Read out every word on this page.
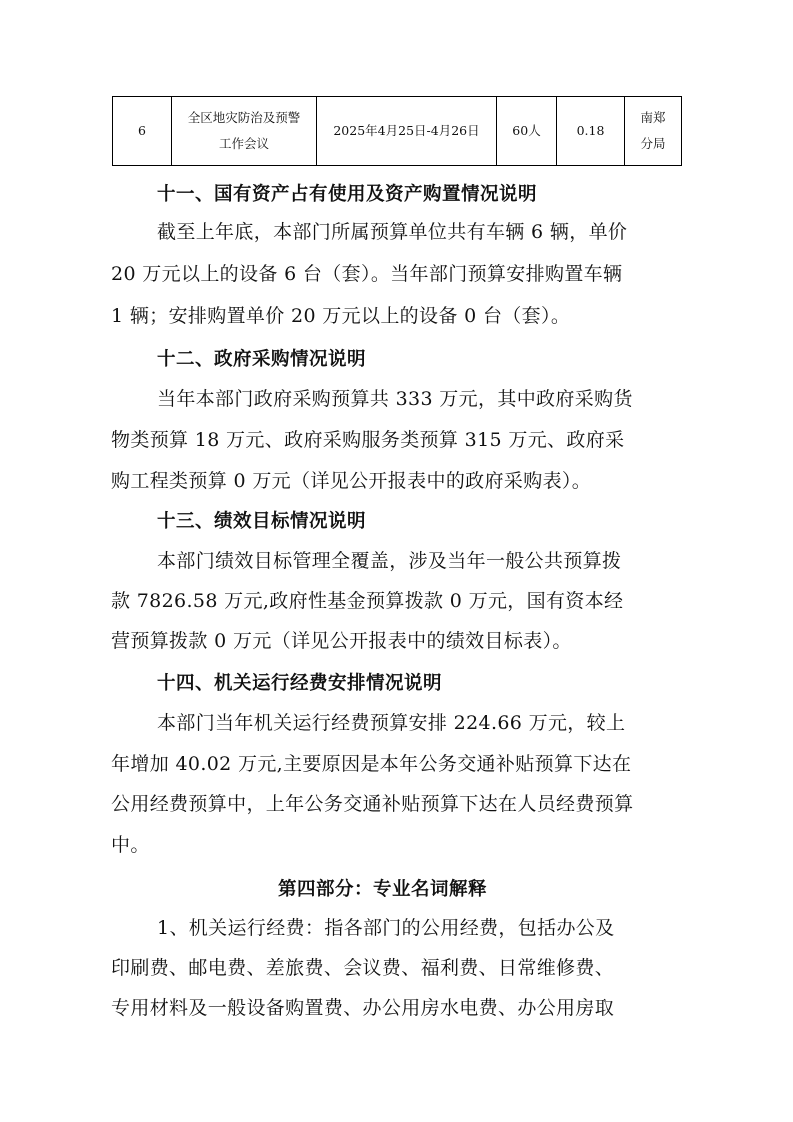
6	全区地灾防治及预警工作会议	2025年4月25日-4月26日	60人	0.18	南郑分局
十一、国有资产占有使用及资产购置情况说明

截至上年底，本部门所属预算单位共有车辆 6 辆，单价

20 万元以上的设备 6 台（套）。当年部门预算安排购置车辆

1 辆；安排购置单价 20 万元以上的设备 0 台（套）。

十二、政府采购情况说明

当年本部门政府采购预算共 333 万元，其中政府采购货

物类预算 18 万元、政府采购服务类预算 315 万元、政府采

购工程类预算 0 万元（详见公开报表中的政府采购表）。

十三、绩效目标情况说明

本部门绩效目标管理全覆盖，涉及当年一般公共预算拨

款 7826.58 万元,政府性基金预算拨款 0 万元，国有资本经

营预算拨款 0 万元（详见公开报表中的绩效目标表）。

十四、机关运行经费安排情况说明

本部门当年机关运行经费预算安排 224.66 万元，较上

年增加 40.02 万元,主要原因是本年公务交通补贴预算下达在

公用经费预算中，上年公务交通补贴预算下达在人员经费预算

中。

第四部分：专业名词解释

1、机关运行经费：指各部门的公用经费，包括办公及

印刷费、邮电费、差旅费、会议费、福利费、日常维修费、

专用材料及一般设备购置费、办公用房水电费、办公用房取
